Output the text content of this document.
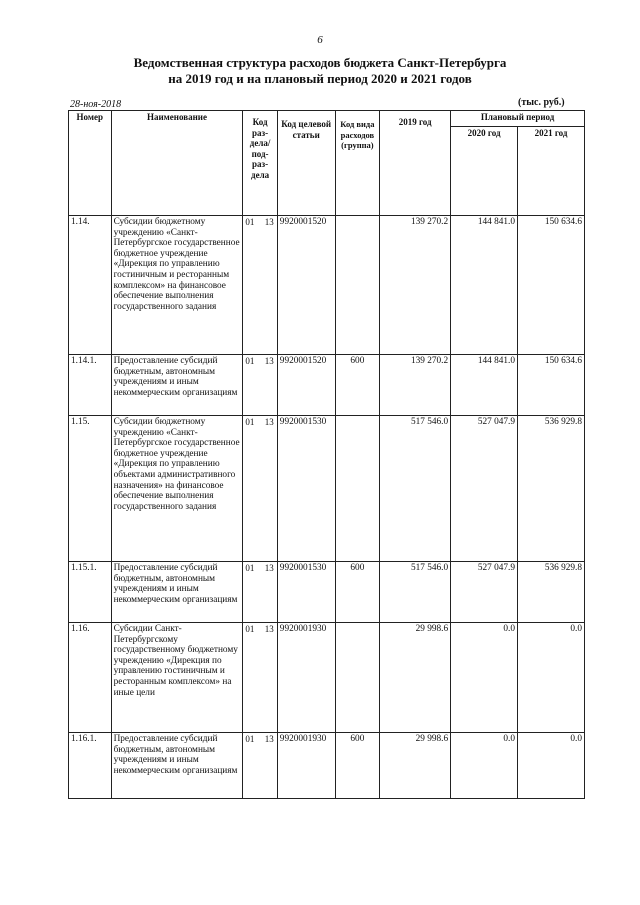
6
Ведомственная структура расходов бюджета Санкт-Петербурга
на 2019 год и на плановый период 2020 и 2021 годов
28-ноя-2018	(тыс. руб.)
Номер	Наименование	Код раз-дела/ под-раз-дела	Код целевой статьи	Код вида расходов (группа)	2019 год	Плановый период	
						2020 год	2021 год
1.14.	Субсидии бюджетному учреждению «Санкт-Петербургское государственное бюджетное учреждение «Дирекция по управлению гостиничным и ресторанным комплексом» на финансовое обеспечение выполнения государственного задания	01 13	9920001520		139 270.2	144 841.0	150 634.6
1.14.1.	Предоставление субсидий бюджетным, автономным учреждениям и иным некоммерческим организациям	01 13	9920001520	600	139 270.2	144 841.0	150 634.6
1.15.	Субсидии бюджетному учреждению «Санкт-Петербургское государственное бюджетное учреждение «Дирекция по управлению объектами административного назначения» на финансовое обеспечение выполнения государственного задания	01 13	9920001530		517 546.0	527 047.9	536 929.8
1.15.1.	Предоставление субсидий бюджетным, автономным учреждениям и иным некоммерческим организациям	01 13	9920001530	600	517 546.0	527 047.9	536 929.8
1.16.	Субсидии Санкт-Петербургскому государственному бюджетному учреждению «Дирекция по управлению гостиничным и ресторанным комплексом» на иные цели	01 13	9920001930		29 998.6	0.0	0.0
1.16.1.	Предоставление субсидий бюджетным, автономным учреждениям и иным некоммерческим организациям	01 13	9920001930	600	29 998.6	0.0	0.0
